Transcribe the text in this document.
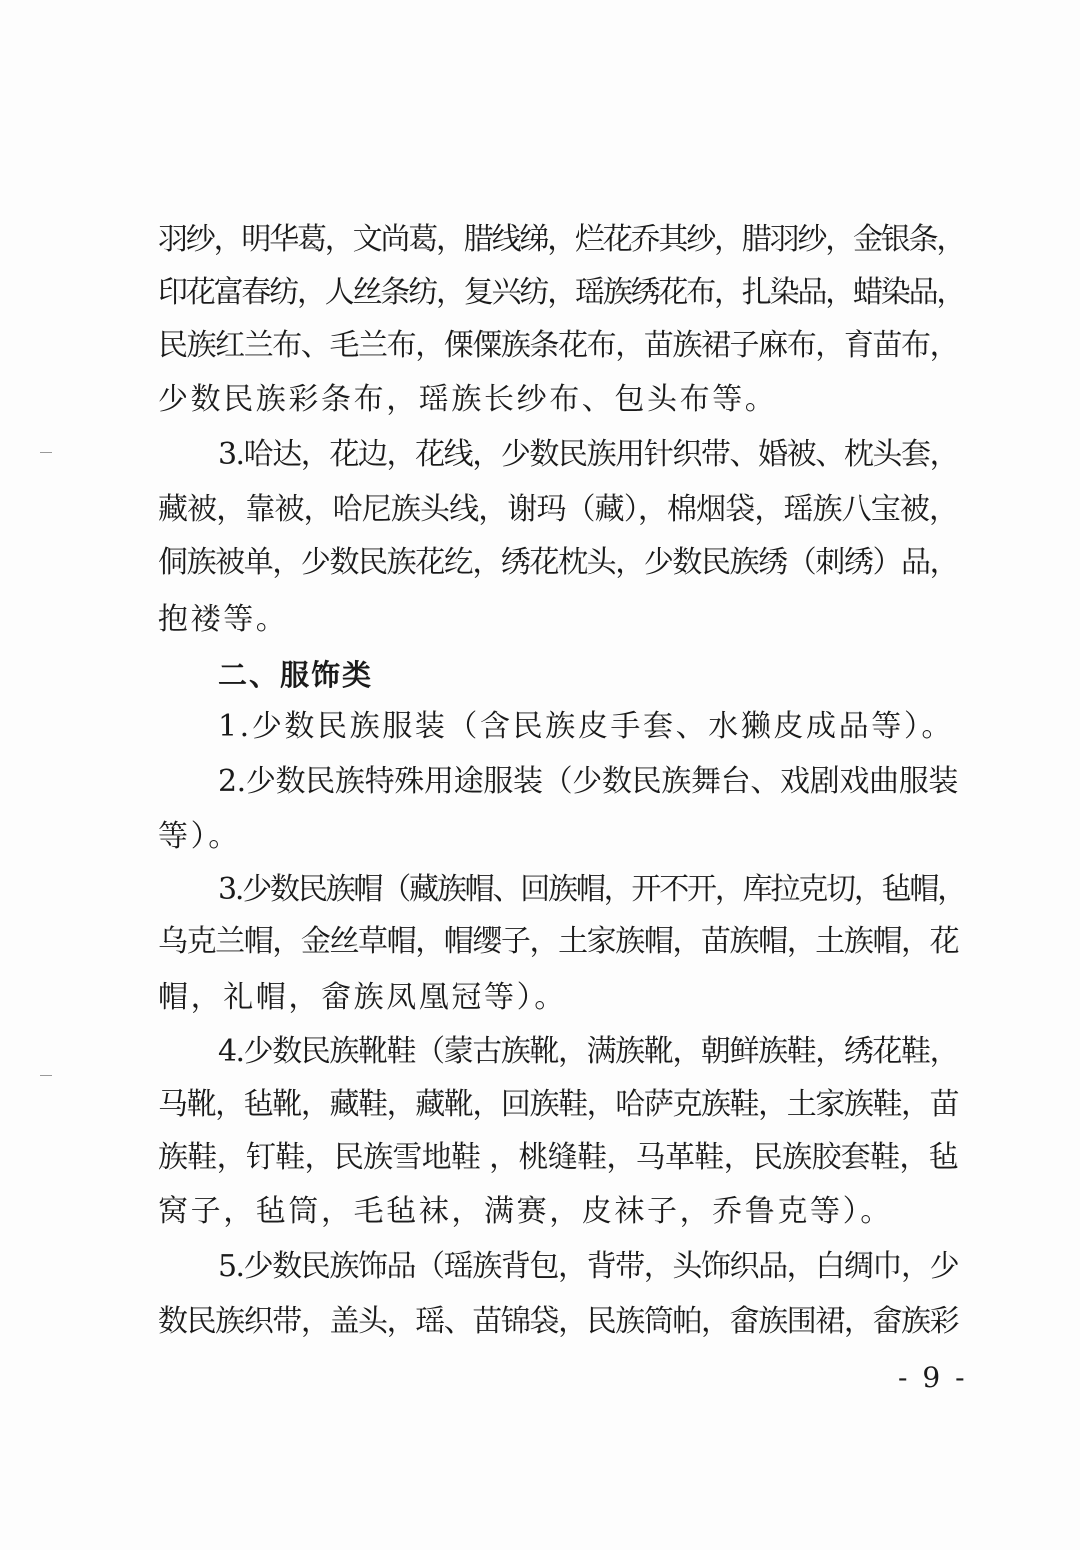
羽纱，明华葛，文尚葛，腊线绨，烂花乔其纱，腊羽纱，金银条，
印花富春纺，人丝条纺，复兴纺，瑶族绣花布，扎染品，蜡染品，
民族红兰布、毛兰布，傈僳族条花布，苗族裙子麻布，育苗布，
少数民族彩条布，瑶族长纱布、包头布等。
3.哈达，花边，花线，少数民族用针织带、婚被、枕头套，
藏被，靠被，哈尼族头线，谢玛（藏），棉烟袋，瑶族八宝被，
侗族被单，少数民族花纥，绣花枕头，少数民族绣（刺绣）品，
抱褛等。
二、服饰类
1.少数民族服装（含民族皮手套、水獭皮成品等）。
2.少数民族特殊用途服装（少数民族舞台、戏剧戏曲服装
等）。
3.少数民族帽（藏族帽、回族帽，开不开，库拉克切，毡帽，
乌克兰帽，金丝草帽，帽缨子，土家族帽，苗族帽，土族帽，花
帽，礼帽，畲族凤凰冠等）。
4.少数民族靴鞋（蒙古族靴，满族靴，朝鲜族鞋，绣花鞋，
马靴，毡靴，藏鞋，藏靴，回族鞋，哈萨克族鞋，土家族鞋，苗
族鞋，钉鞋，民族雪地鞋 ，桃缝鞋，马革鞋，民族胶套鞋，毡
窝子，毡筒，毛毡袜，满赛，皮袜子，乔鲁克等）。
5.少数民族饰品（瑶族背包，背带，头饰织品，白绸巾，少
数民族织带，盖头，瑶、苗锦袋，民族筒帕，畲族围裙，畲族彩
- 9 -
